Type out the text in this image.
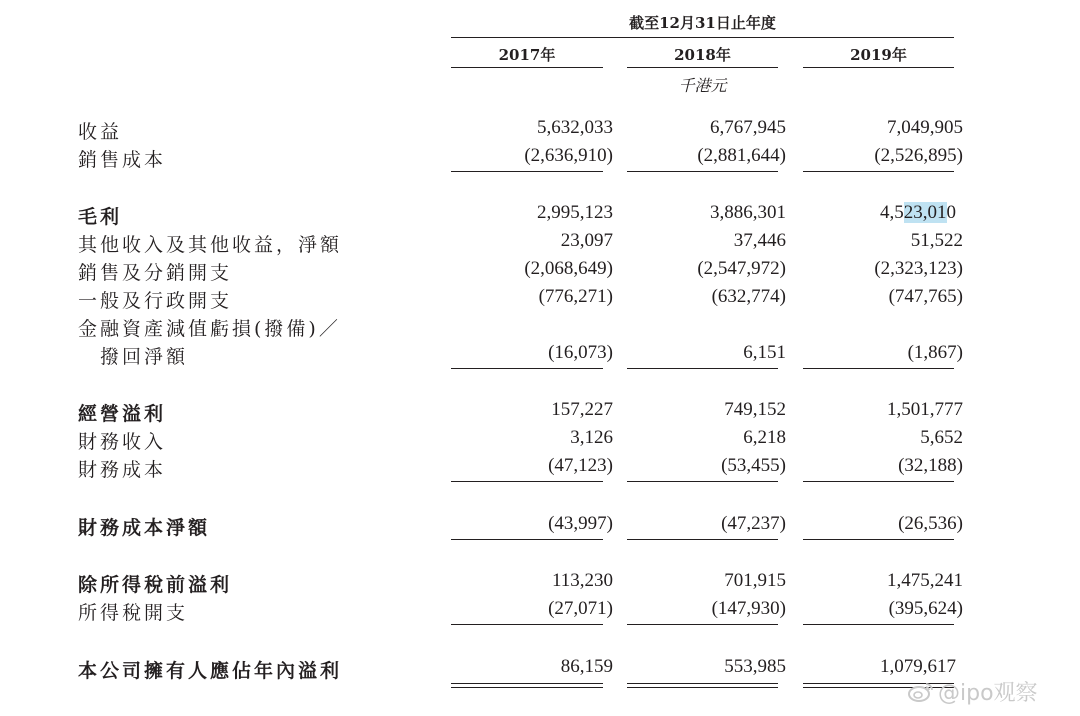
截至12月31日止年度
2017年	2018年	2019年
千港元
收益	5,632,033	6,767,945	7,049,905
銷售成本	(2,636,910)	(2,881,644)	(2,526,895)
毛利	2,995,123	3,886,301	4,523,010
其他收入及其他收益，淨額	23,097	37,446	51,522
銷售及分銷開支	(2,068,649)	(2,547,972)	(2,323,123)
一般及行政開支	(776,271)	(632,774)	(747,765)
金融資產減值虧損(撥備)／
撥回淨額	(16,073)	6,151	(1,867)
經營溢利	157,227	749,152	1,501,777
財務收入	3,126	6,218	5,652
財務成本	(47,123)	(53,455)	(32,188)
財務成本淨額	(43,997)	(47,237)	(26,536)
除所得稅前溢利	113,230	701,915	1,475,241
所得稅開支	(27,071)	(147,930)	(395,624)
本公司擁有人應佔年內溢利	86,159	553,985	1,079,617
@ipo观察
